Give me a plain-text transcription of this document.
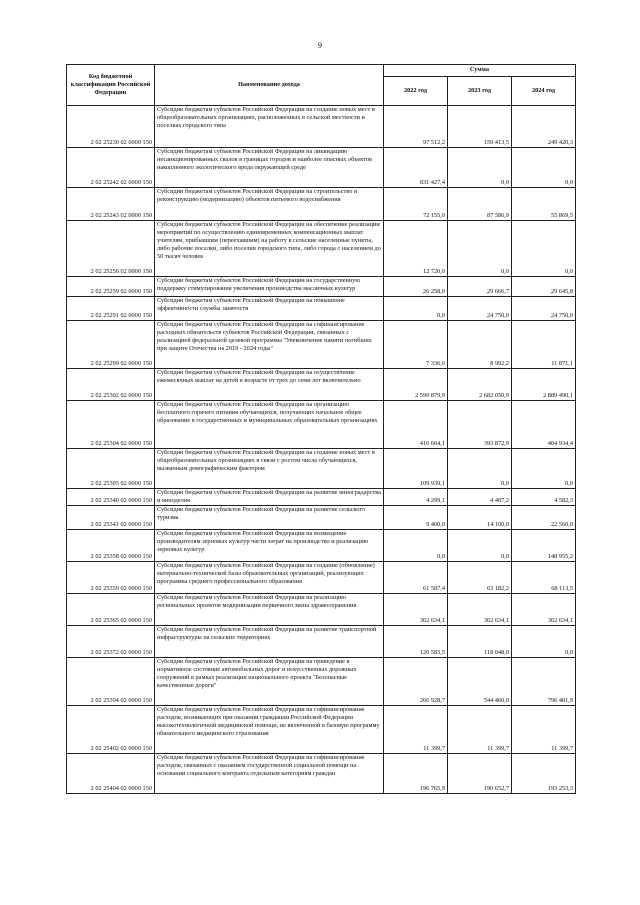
9
Код бюджетной классификации Российской Федерации	Наименование дохода	Сумма		
		2022 год	2023 год	2024 год
2 02 25230 02 0000 150	Субсидии бюджетам субъектов Российской Федерации на создание новых мест в общеобразовательных организациях, расположенных в сельской местности и поселках городского типа	97 512,2	159 413,5	249 420,3
2 02 25242 02 0000 150	Субсидии бюджетам субъектов Российской Федерации на ликвидацию несанкционированных свалок в границах городов и наиболее опасных объектов накопленного экологического вреда окружающей среде	831 427,4	0,0	0,0
2 02 25243 02 0000 150	Субсидии бюджетам субъектов Российской Федерации на строительство и реконструкцию (модернизацию) объектов питьевого водоснабжения	72 155,0	87 586,9	55 869,5
2 02 25256 02 0000 150	Субсидии бюджетам субъектов Российской Федерации на обеспечение реализации мероприятий по осуществлению единовременных компенсационных выплат учителям, прибывшим (переехавшим) на работу в сельские населенные пункты, либо рабочие поселки, либо поселки городского типа, либо города с населением до 50 тысяч человек	12 720,0	0,0	0,0
2 02 25259 02 0000 150	Субсидии бюджетам субъектов Российской Федерации на государственную поддержку стимулирования увеличения производства масличных культур	26 258,0	29 666,7	29 645,8
2 02 25291 02 0000 150	Субсидии бюджетам субъектов Российской Федерации на повышение эффективности службы занятости	0,0	24 750,0	24 750,0
2 02 25299 02 0000 150	Субсидии бюджетам субъектов Российской Федерации на софинансирование расходных обязательств субъектов Российской Федерации, связанных с реализацией федеральной целевой программы "Увековечение памяти погибших при защите Отечества на 2019 - 2024 годы"	7 336,6	8 992,2	11 871,1
2 02 25302 02 0000 150	Субсидии бюджетам субъектов Российской Федерации на осуществление ежемесячных выплат на детей в возрасте от трех до семи лет включительно	2 599 879,9	2 682 050,9	2 889 490,1
2 02 25304 02 0000 150	Субсидии бюджетам субъектов Российской Федерации на организацию бесплатного горячего питания обучающихся, получающих начальное общее образование в государственных и муниципальных образовательных организациях	410 604,1	393 872,9	404 934,4
2 02 25305 02 0000 150	Субсидии бюджетам субъектов Российской Федерации на создание новых мест в общеобразовательных организациях в связи с ростом числа обучающихся, вызванным демографическим фактором	109 939,1	0,0	0,0
2 02 25340 02 0000 150	Субсидии бюджетам субъектов Российской Федерации на развитие виноградарства и виноделия	4 299,1	4 487,2	4 582,3
2 02 25341 02 0000 150	Субсидии бюджетам субъектов Российской Федерации на развитие сельского туризма	9 400,0	14 100,0	22 560,0
2 02 25358 02 0000 150	Субсидии бюджетам субъектов Российской Федерации на возмещение производителям зерновых культур части затрат на производство и реализацию зерновых культур	0,0	0,0	148 955,2
2 02 25359 02 0000 150	Субсидии бюджетам субъектов Российской Федерации на создание (обновление) материально-технической базы образовательных организаций, реализующих программы среднего профессионального образования	61 587,4	63 182,2	68 113,5
2 02 25365 02 0000 150	Субсидии бюджетам субъектов Российской Федерации на реализацию региональных проектов модернизации первичного звена здравоохранения	362 634,1	362 634,1	362 634,1
2 02 25372 02 0000 150	Субсидии бюджетам субъектов Российской Федерации на развитие транспортной инфраструктуры на сельских территориях	120 583,5	118 048,0	0,0
2 02 25394 02 0000 150	Субсидии бюджетам субъектов Российской Федерации на приведение в нормативное состояние автомобильных дорог и искусственных дорожных сооружений в рамках реализации национального проекта "Безопасные качественные дороги"	266 928,7	544 460,0	796 481,9
2 02 25402 02 0000 150	Субсидии бюджетам субъектов Российской Федерации на софинансирование расходов, возникающих при оказании гражданам Российской Федерации высокотехнологичной медицинской помощи, не включенной в базовую программу обязательного медицинского страхования	11 399,7	11 399,7	11 399,7
2 02 25404 02 0000 150	Субсидии бюджетам субъектов Российской Федерации на софинансирование расходов, связанных с оказанием государственной социальной помощи на основании социального контракта отдельным категориям граждан	196 765,9	190 652,7	193 253,3
